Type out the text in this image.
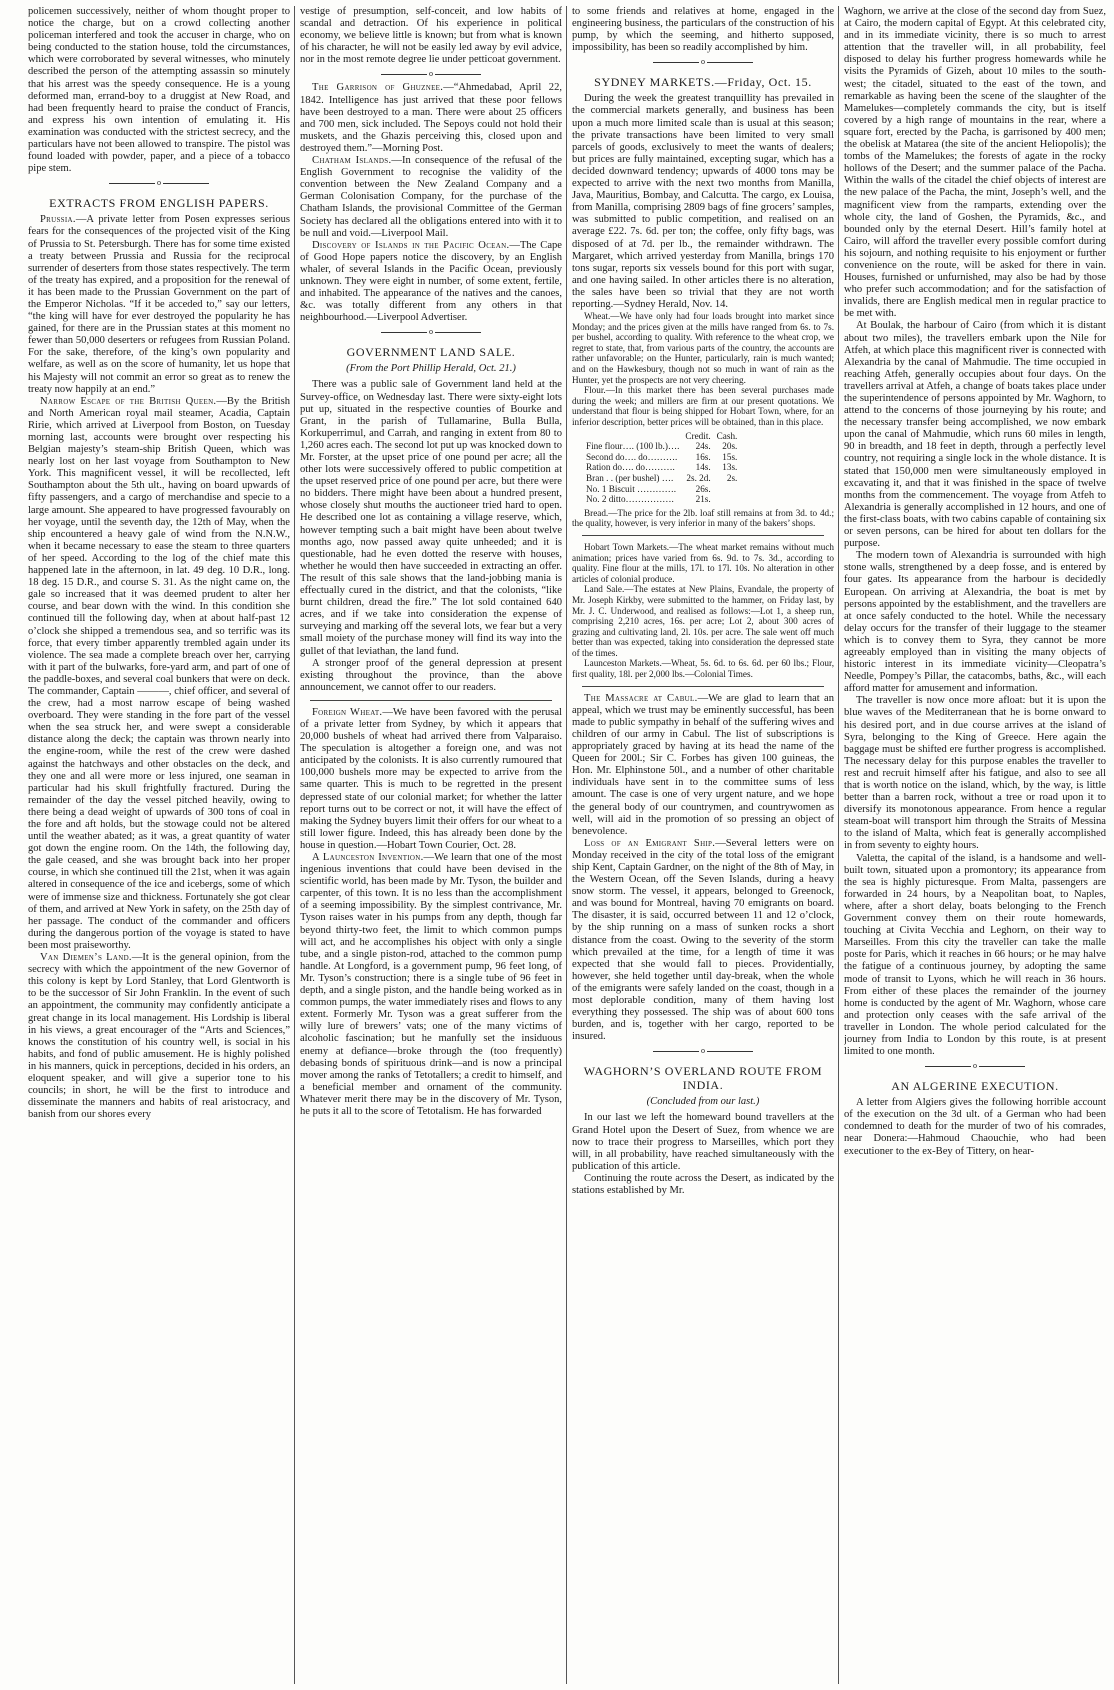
policemen successively, neither of whom thought proper to notice the charge, but on a crowd collecting another policeman interfered and took the accuser in charge, who on being conducted to the station house, told the circumstances, which were corroborated by several witnesses, who minutely described the person of the attempting assassin so minutely that his arrest was the speedy consequence. He is a young deformed man, errand-boy to a druggist at New Road, and had been frequently heard to praise the conduct of Francis, and express his own intention of emulating it. His examination was conducted with the strictest secrecy, and the particulars have not been allowed to transpire. The pistol was found loaded with powder, paper, and a piece of a tobacco pipe stem.

o
EXTRACTS FROM ENGLISH PAPERS.

Prussia.—A private letter from Posen expresses serious fears for the consequences of the projected visit of the King of Prussia to St. Petersburgh. There has for some time existed a treaty between Prussia and Russia for the reciprocal surrender of deserters from those states respectively. The term of the treaty has expired, and a proposition for the renewal of it has been made to the Prussian Government on the part of the Emperor Nicholas. “If it be acceded to,” say our letters, “the king will have for ever destroyed the popularity he has gained, for there are in the Prussian states at this moment no fewer than 50,000 deserters or refugees from Russian Poland. For the sake, therefore, of the king’s own popularity and welfare, as well as on the score of humanity, let us hope that his Majesty will not commit an error so great as to renew the treaty now happily at an end.”

Narrow Escape of the British Queen.—By the British and North American royal mail steamer, Acadia, Captain Ririe, which arrived at Liverpool from Boston, on Tuesday morning last, accounts were brought over respecting his Belgian majesty’s steam-ship British Queen, which was nearly lost on her last voyage from Southampton to New York. This magnificent vessel, it will be recollected, left Southampton about the 5th ult., having on board upwards of fifty passengers, and a cargo of merchandise and specie to a large amount. She appeared to have progressed favourably on her voyage, until the seventh day, the 12th of May, when the ship encountered a heavy gale of wind from the N.N.W., when it became necessary to ease the steam to three quarters of her speed. According to the log of the chief mate this happened late in the afternoon, in lat. 49 deg. 10 D.R., long. 18 deg. 15 D.R., and course S. 31. As the night came on, the gale so increased that it was deemed prudent to alter her course, and bear down with the wind. In this condition she continued till the following day, when at about half-past 12 o’clock she shipped a tremendous sea, and so terrific was its force, that every timber apparently trembled again under its violence. The sea made a complete breach over her, carrying with it part of the bulwarks, fore-yard arm, and part of one of the paddle-boxes, and several coal bunkers that were on deck. The commander, Captain ———, chief officer, and several of the crew, had a most narrow escape of being washed overboard. They were standing in the fore part of the vessel when the sea struck her, and were swept a considerable distance along the deck; the captain was thrown nearly into the engine-room, while the rest of the crew were dashed against the hatchways and other obstacles on the deck, and they one and all were more or less injured, one seaman in particular had his skull frightfully fractured. During the remainder of the day the vessel pitched heavily, owing to there being a dead weight of upwards of 300 tons of coal in the fore and aft holds, but the stowage could not be altered until the weather abated; as it was, a great quantity of water got down the engine room. On the 14th, the following day, the gale ceased, and she was brought back into her proper course, in which she continued till the 21st, when it was again altered in consequence of the ice and icebergs, some of which were of immense size and thickness. Fortunately she got clear of them, and arrived at New York in safety, on the 25th day of her passage. The conduct of the commander and officers during the dangerous portion of the voyage is stated to have been most praiseworthy.

Van Diemen’s Land.—It is the general opinion, from the secrecy with which the appointment of the new Governor of this colony is kept by Lord Stanley, that Lord Glentworth is to be the successor of Sir John Franklin. In the event of such an appointment, the community may confidently anticipate a great change in its local management. His Lordship is liberal in his views, a great encourager of the “Arts and Sciences,” knows the constitution of his country well, is social in his habits, and fond of public amusement. He is highly polished in his manners, quick in perceptions, decided in his orders, an eloquent speaker, and will give a superior tone to his councils; in short, he will be the first to introduce and disseminate the manners and habits of real aristocracy, and banish from our shores every

vestige of presumption, self-conceit, and low habits of scandal and detraction. Of his experience in political economy, we believe little is known; but from what is known of his character, he will not be easily led away by evil advice, nor in the most remote degree lie under petticoat government.

o

The Garrison of Ghuznee.—“Ahmedabad, April 22, 1842. Intelligence has just arrived that these poor fellows have been destroyed to a man. There were about 25 officers and 700 men, sick included. The Sepoys could not hold their muskets, and the Ghazis perceiving this, closed upon and destroyed them.”—Morning Post.

Chatham Islands.—In consequence of the refusal of the English Government to recognise the validity of the convention between the New Zealand Company and a German Colonisation Company, for the purchase of the Chatham Islands, the provisional Committee of the German Society has declared all the obligations entered into with it to be null and void.—Liverpool Mail.

Discovery of Islands in the Pacific Ocean.—The Cape of Good Hope papers notice the discovery, by an English whaler, of several Islands in the Pacific Ocean, previously unknown. They were eight in number, of some extent, fertile, and inhabited. The appearance of the natives and the canoes, &c. was totally different from any others in that neighbourhood.—Liverpool Advertiser.

o
GOVERNMENT LAND SALE.

(From the Port Phillip Herald, Oct. 21.)

There was a public sale of Government land held at the Survey-office, on Wednesday last. There were sixty-eight lots put up, situated in the respective counties of Bourke and Grant, in the parish of Tullamarine, Bulla Bulla, Korkuperrimul, and Carrah, and ranging in extent from 80 to 1,260 acres each. The second lot put up was knocked down to Mr. Forster, at the upset price of one pound per acre; all the other lots were successively offered to public competition at the upset reserved price of one pound per acre, but there were no bidders. There might have been about a hundred present, whose closely shut mouths the auctioneer tried hard to open. He described one lot as containing a village reserve, which, however tempting such a bait might have been about twelve months ago, now passed away quite unheeded; and it is questionable, had he even dotted the reserve with houses, whether he would then have succeeded in extracting an offer. The result of this sale shows that the land-jobbing mania is effectually cured in the district, and that the colonists, “like burnt children, dread the fire.” The lot sold contained 640 acres, and if we take into consideration the expense of surveying and marking off the several lots, we fear but a very small moiety of the purchase money will find its way into the gullet of that leviathan, the land fund.

A stronger proof of the general depression at present existing throughout the province, than the above announcement, we cannot offer to our readers.

Foreign Wheat.—We have been favored with the perusal of a private letter from Sydney, by which it appears that 20,000 bushels of wheat had arrived there from Valparaiso. The speculation is altogether a foreign one, and was not anticipated by the colonists. It is also currently rumoured that 100,000 bushels more may be expected to arrive from the same quarter. This is much to be regretted in the present depressed state of our colonial market; for whether the latter report turns out to be correct or not, it will have the effect of making the Sydney buyers limit their offers for our wheat to a still lower figure. Indeed, this has already been done by the house in question.—Hobart Town Courier, Oct. 28.

A Launceston Invention.—We learn that one of the most ingenious inventions that could have been devised in the scientific world, has been made by Mr. Tyson, the builder and carpenter, of this town. It is no less than the accomplishment of a seeming impossibility. By the simplest contrivance, Mr. Tyson raises water in his pumps from any depth, though far beyond thirty-two feet, the limit to which common pumps will act, and he accomplishes his object with only a single tube, and a single piston-rod, attached to the common pump handle. At Longford, is a government pump, 96 feet long, of Mr. Tyson’s construction; there is a single tube of 96 feet in depth, and a single piston, and the handle being worked as in common pumps, the water immediately rises and flows to any extent. Formerly Mr. Tyson was a great sufferer from the willy lure of brewers’ vats; one of the many victims of alcoholic fascination; but he manfully set the insiduous enemy at defiance—broke through the (too frequently) debasing bonds of spirituous drink—and is now a principal mover among the ranks of Tetotallers; a credit to himself, and a beneficial member and ornament of the community. Whatever merit there may be in the discovery of Mr. Tyson, he puts it all to the score of Tetotalism. He has forwarded

to some friends and relatives at home, engaged in the engineering business, the particulars of the construction of his pump, by which the seeming, and hitherto supposed, impossibility, has been so readily accomplished by him.

o
SYDNEY MARKETS.—Friday, Oct. 15.

During the week the greatest tranquillity has prevailed in the commercial markets generally, and business has been upon a much more limited scale than is usual at this season; the private transactions have been limited to very small parcels of goods, exclusively to meet the wants of dealers; but prices are fully maintained, excepting sugar, which has a decided downward tendency; upwards of 4000 tons may be expected to arrive with the next two months from Manilla, Java, Mauritius, Bombay, and Calcutta. The cargo, ex Louisa, from Manilla, comprising 2809 bags of fine grocers’ samples, was submitted to public competition, and realised on an average £22. 7s. 6d. per ton; the coffee, only fifty bags, was disposed of at 7d. per lb., the remainder withdrawn. The Margaret, which arrived yesterday from Manilla, brings 170 tons sugar, reports six vessels bound for this port with sugar, and one having sailed. In other articles there is no alteration, the sales have been so trivial that they are not worth reporting.—Sydney Herald, Nov. 14.

Wheat.—We have only had four loads brought into market since Monday; and the prices given at the mills have ranged from 6s. to 7s. per bushel, according to quality. With reference to the wheat crop, we regret to state, that, from various parts of the country, the accounts are rather unfavorable; on the Hunter, particularly, rain is much wanted; and on the Hawkesbury, though not so much in want of rain as the Hunter, yet the prospects are not very cheering.

Flour.—In this market there has been several purchases made during the week; and millers are firm at our present quotations. We understand that flour is being shipped for Hobart Town, where, for an inferior description, better prices will be obtained, than in this place.

	Credit.	Cash.
Fine flour…. (100 lb.)….	24s.	20s.
Second do…. do……….	16s.	15s.
Ration do…. do……….	14s.	13s.
Bran . . (per bushel) ….	2s. 2d.	2s.
No. 1 Biscuit ………….	26s.	
No. 2 ditto…………….	21s.	

Bread.—The price for the 2lb. loaf still remains at from 3d. to 4d.; the quality, however, is very inferior in many of the bakers’ shops.

Hobart Town Markets.—The wheat market remains without much animation; prices have varied from 6s. 9d. to 7s. 3d., according to quality. Fine flour at the mills, 17l. to 17l. 10s. No alteration in other articles of colonial produce.

Land Sale.—The estates at New Plains, Evandale, the property of Mr. Joseph Kirkby, were submitted to the hammer, on Friday last, by Mr. J. C. Underwood, and realised as follows:—Lot 1, a sheep run, comprising 2,210 acres, 16s. per acre; Lot 2, about 300 acres of grazing and cultivating land, 2l. 10s. per acre. The sale went off much better than was expected, taking into consideration the depressed state of the times.

Launceston Markets.—Wheat, 5s. 6d. to 6s. 6d. per 60 lbs.; Flour, first quality, 18l. per 2,000 lbs.—Colonial Times.

The Massacre at Cabul.—We are glad to learn that an appeal, which we trust may be eminently successful, has been made to public sympathy in behalf of the suffering wives and children of our army in Cabul. The list of subscriptions is appropriately graced by having at its head the name of the Queen for 200l.; Sir C. Forbes has given 100 guineas, the Hon. Mr. Elphinstone 50l., and a number of other charitable individuals have sent in to the committee sums of less amount. The case is one of very urgent nature, and we hope the general body of our countrymen, and countrywomen as well, will aid in the promotion of so pressing an object of benevolence.

Loss of an Emigrant Ship.—Several letters were on Monday received in the city of the total loss of the emigrant ship Kent, Captain Gardner, on the night of the 8th of May, in the Western Ocean, off the Seven Islands, during a heavy snow storm. The vessel, it appears, belonged to Greenock, and was bound for Montreal, having 70 emigrants on board. The disaster, it is said, occurred between 11 and 12 o’clock, by the ship running on a mass of sunken rocks a short distance from the coast. Owing to the severity of the storm which prevailed at the time, for a length of time it was expected that she would fall to pieces. Providentially, however, she held together until day-break, when the whole of the emigrants were safely landed on the coast, though in a most deplorable condition, many of them having lost everything they possessed. The ship was of about 600 tons burden, and is, together with her cargo, reported to be insured.

o
WAGHORN’S OVERLAND ROUTE FROM INDIA.

(Concluded from our last.)

In our last we left the homeward bound travellers at the Grand Hotel upon the Desert of Suez, from whence we are now to trace their progress to Marseilles, which port they will, in all probability, have reached simultaneously with the publication of this article.

Continuing the route across the Desert, as indicated by the stations established by Mr.

Waghorn, we arrive at the close of the second day from Suez, at Cairo, the modern capital of Egypt. At this celebrated city, and in its immediate vicinity, there is so much to arrest attention that the traveller will, in all probability, feel disposed to delay his further progress homewards while he visits the Pyramids of Gizeh, about 10 miles to the south-west; the citadel, situated to the east of the town, and remarkable as having been the scene of the slaughter of the Mamelukes—completely commands the city, but is itself covered by a high range of mountains in the rear, where a square fort, erected by the Pacha, is garrisoned by 400 men; the obelisk at Matarea (the site of the ancient Heliopolis); the tombs of the Mamelukes; the forests of agate in the rocky hollows of the Desert; and the summer palace of the Pacha. Within the walls of the citadel the chief objects of interest are the new palace of the Pacha, the mint, Joseph’s well, and the magnificent view from the ramparts, extending over the whole city, the land of Goshen, the Pyramids, &c., and bounded only by the eternal Desert. Hill’s family hotel at Cairo, will afford the traveller every possible comfort during his sojourn, and nothing requisite to his enjoyment or further convenience on the route, will be asked for there in vain. Houses, furnished or unfurnished, may also be had by those who prefer such accommodation; and for the satisfaction of invalids, there are English medical men in regular practice to be met with.

At Boulak, the harbour of Cairo (from which it is distant about two miles), the travellers embark upon the Nile for Atfeh, at which place this magnificent river is connected with Alexandria by the canal of Mahmudie. The time occupied in reaching Atfeh, generally occupies about four days. On the travellers arrival at Atfeh, a change of boats takes place under the superintendence of persons appointed by Mr. Waghorn, to attend to the concerns of those journeying by his route; and the necessary transfer being accomplished, we now embark upon the canal of Mahmudie, which runs 60 miles in length, 90 in breadth, and 18 feet in depth, through a perfectly level country, not requiring a single lock in the whole distance. It is stated that 150,000 men were simultaneously employed in excavating it, and that it was finished in the space of twelve months from the commencement. The voyage from Atfeh to Alexandria is generally accomplished in 12 hours, and one of the first-class boats, with two cabins capable of containing six or seven persons, can be hired for about ten dollars for the purpose.

The modern town of Alexandria is surrounded with high stone walls, strengthened by a deep fosse, and is entered by four gates. Its appearance from the harbour is decidedly European. On arriving at Alexandria, the boat is met by persons appointed by the establishment, and the travellers are at once safely conducted to the hotel. While the necessary delay occurs for the transfer of their luggage to the steamer which is to convey them to Syra, they cannot be more agreeably employed than in visiting the many objects of historic interest in its immediate vicinity—Cleopatra’s Needle, Pompey’s Pillar, the catacombs, baths, &c., will each afford matter for amusement and information.

The traveller is now once more afloat: but it is upon the blue waves of the Mediterranean that he is borne onward to his desired port, and in due course arrives at the island of Syra, belonging to the King of Greece. Here again the baggage must be shifted ere further progress is accomplished. The necessary delay for this purpose enables the traveller to rest and recruit himself after his fatigue, and also to see all that is worth notice on the island, which, by the way, is little better than a barren rock, without a tree or road upon it to diversify its monotonous appearance. From hence a regular steam-boat will transport him through the Straits of Messina to the island of Malta, which feat is generally accomplished in from seventy to eighty hours.

Valetta, the capital of the island, is a handsome and well-built town, situated upon a promontory; its appearance from the sea is highly picturesque. From Malta, passengers are forwarded in 24 hours, by a Neapolitan boat, to Naples, where, after a short delay, boats belonging to the French Government convey them on their route homewards, touching at Civita Vecchia and Leghorn, on their way to Marseilles. From this city the traveller can take the malle poste for Paris, which it reaches in 66 hours; or he may halve the fatigue of a continuous journey, by adopting the same mode of transit to Lyons, which he will reach in 36 hours. From either of these places the remainder of the journey home is conducted by the agent of Mr. Waghorn, whose care and protection only ceases with the safe arrival of the traveller in London. The whole period calculated for the journey from India to London by this route, is at present limited to one month.

o
AN ALGERINE EXECUTION.

A letter from Algiers gives the following horrible account of the execution on the 3d ult. of a German who had been condemned to death for the murder of two of his comrades, near Donera:—Hahmoud Chaouchie, who had been executioner to the ex-Bey of Tittery, on hear-
